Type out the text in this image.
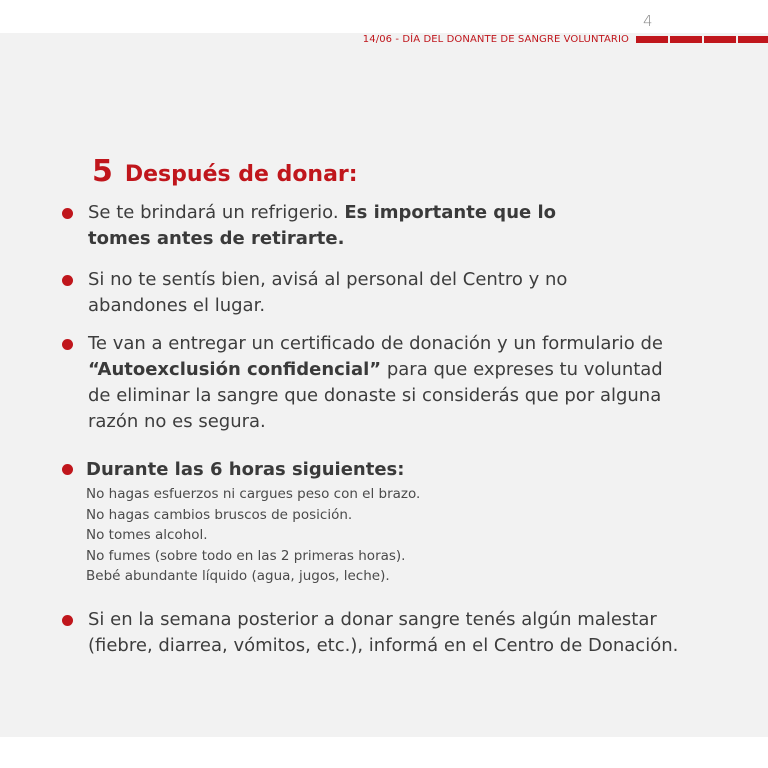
4
14/06 - DÍA DEL DONANTE DE SANGRE VOLUNTARIO
5 Después de donar:
Se te brindará un refrigerio. Es importante que lo tomes antes de retirarte.
Si no te sentís bien, avisá al personal del Centro y no abandones el lugar.
Te van a entregar un certificado de donación y un formulario de “Autoexclusión confidencial” para que expreses tu voluntad de eliminar la sangre que donaste si considerás que por alguna razón no es segura.
Durante las 6 horas siguientes:
No hagas esfuerzos ni cargues peso con el brazo.
No hagas cambios bruscos de posición.
No tomes alcohol.
No fumes (sobre todo en las 2 primeras horas).
Bebé abundante líquido (agua, jugos, leche).
Si en la semana posterior a donar sangre tenés algún malestar (fiebre, diarrea, vómitos, etc.), informá en el Centro de Donación.
